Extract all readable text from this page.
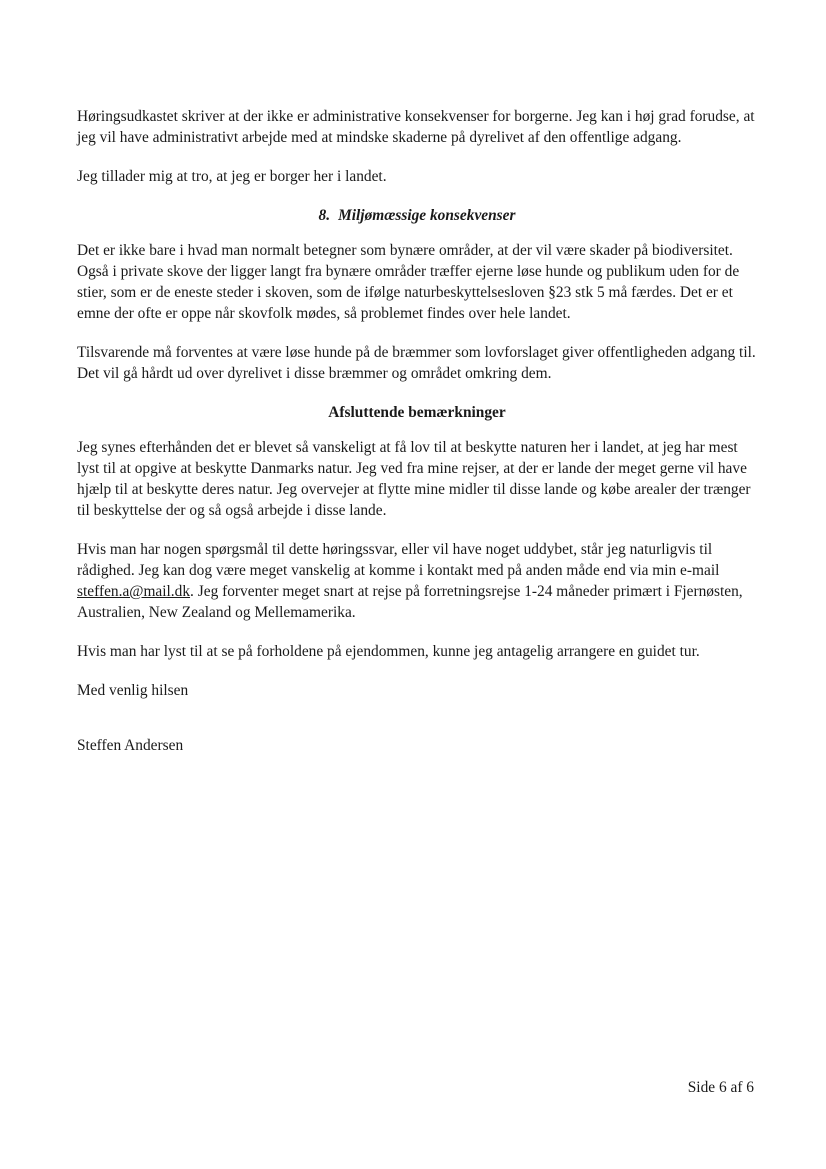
Høringsudkastet skriver at der ikke er administrative konsekvenser for borgerne. Jeg kan i høj grad forudse, at jeg vil have administrativt arbejde med at mindske skaderne på dyrelivet af den offentlige adgang.

Jeg tillader mig at tro, at jeg er borger her i landet.

8. Miljømæssige konsekvenser

Det er ikke bare i hvad man normalt betegner som bynære områder, at der vil være skader på biodiversitet. Også i private skove der ligger langt fra bynære områder træffer ejerne løse hunde og publikum uden for de stier, som er de eneste steder i skoven, som de ifølge naturbeskyttelsesloven §23 stk 5 må færdes. Det er et emne der ofte er oppe når skovfolk mødes, så problemet findes over hele landet.

Tilsvarende må forventes at være løse hunde på de bræmmer som lovforslaget giver offentligheden adgang til. Det vil gå hårdt ud over dyrelivet i disse bræmmer og området omkring dem.

Afsluttende bemærkninger

Jeg synes efterhånden det er blevet så vanskeligt at få lov til at beskytte naturen her i landet, at jeg har mest lyst til at opgive at beskytte Danmarks natur. Jeg ved fra mine rejser, at der er lande der meget gerne vil have hjælp til at beskytte deres natur. Jeg overvejer at flytte mine midler til disse lande og købe arealer der trænger til beskyttelse der og så også arbejde i disse lande.

Hvis man har nogen spørgsmål til dette høringssvar, eller vil have noget uddybet, står jeg naturligvis til rådighed. Jeg kan dog være meget vanskelig at komme i kontakt med på anden måde end via min e-mail steffen.a@mail.dk. Jeg forventer meget snart at rejse på forretningsrejse 1-24 måneder primært i Fjernøsten, Australien, New Zealand og Mellemamerika.

Hvis man har lyst til at se på forholdene på ejendommen, kunne jeg antagelig arrangere en guidet tur.

Med venlig hilsen

Steffen Andersen

Side 6 af 6
